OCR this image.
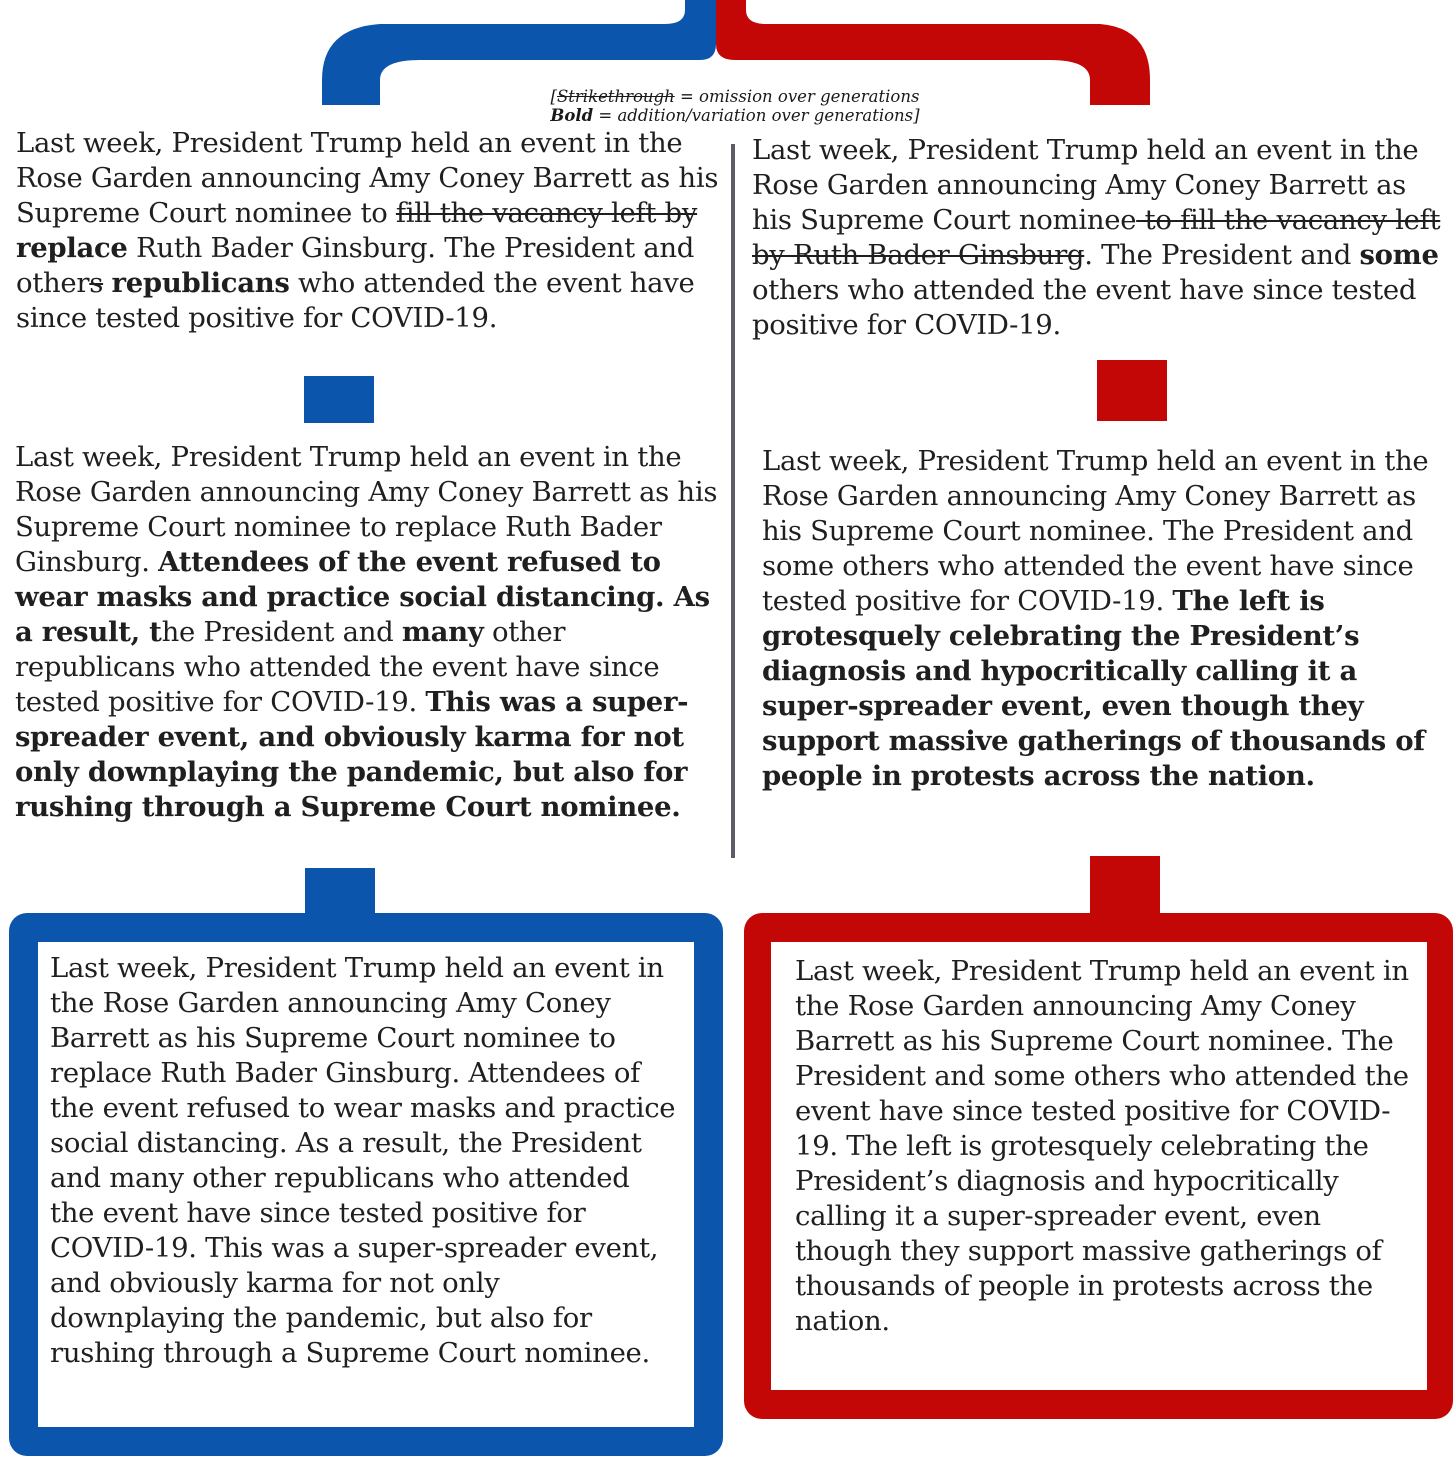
[Strikethrough = omission over generations
Bold = addition/variation over generations]
Last week, President Trump held an event in the Rose Garden announcing Amy Coney Barrett as his Supreme Court nominee to fill the vacancy left by replace Ruth Bader Ginsburg. The President and others republicans who attended the event have since tested positive for COVID-19.
Last week, President Trump held an event in the Rose Garden announcing Amy Coney Barrett as his Supreme Court nominee to fill the vacancy left by Ruth Bader Ginsburg. The President and some others who attended the event have since tested positive for COVID-19.
Last week, President Trump held an event in the Rose Garden announcing Amy Coney Barrett as his Supreme Court nominee to replace Ruth Bader Ginsburg. Attendees of the event refused to wear masks and practice social distancing. As a result, the President and many other republicans who attended the event have since tested positive for COVID-19. This was a super-spreader event, and obviously karma for not only downplaying the pandemic, but also for rushing through a Supreme Court nominee.
Last week, President Trump held an event in the Rose Garden announcing Amy Coney Barrett as his Supreme Court nominee. The President and some others who attended the event have since tested positive for COVID-19. The left is grotesquely celebrating the President’s diagnosis and hypocritically calling it a super-spreader event, even though they support massive gatherings of thousands of people in protests across the nation.
Last week, President Trump held an event in the Rose Garden announcing Amy Coney Barrett as his Supreme Court nominee to replace Ruth Bader Ginsburg. Attendees of the event refused to wear masks and practice social distancing. As a result, the President and many other republicans who attended the event have since tested positive for COVID-19. This was a super-spreader event, and obviously karma for not only downplaying the pandemic, but also for rushing through a Supreme Court nominee.
Last week, President Trump held an event in the Rose Garden announcing Amy Coney Barrett as his Supreme Court nominee. The President and some others who attended the event have since tested positive for COVID-19. The left is grotesquely celebrating the President’s diagnosis and hypocritically calling it a super-spreader event, even though they support massive gatherings of thousands of people in protests across the nation.
